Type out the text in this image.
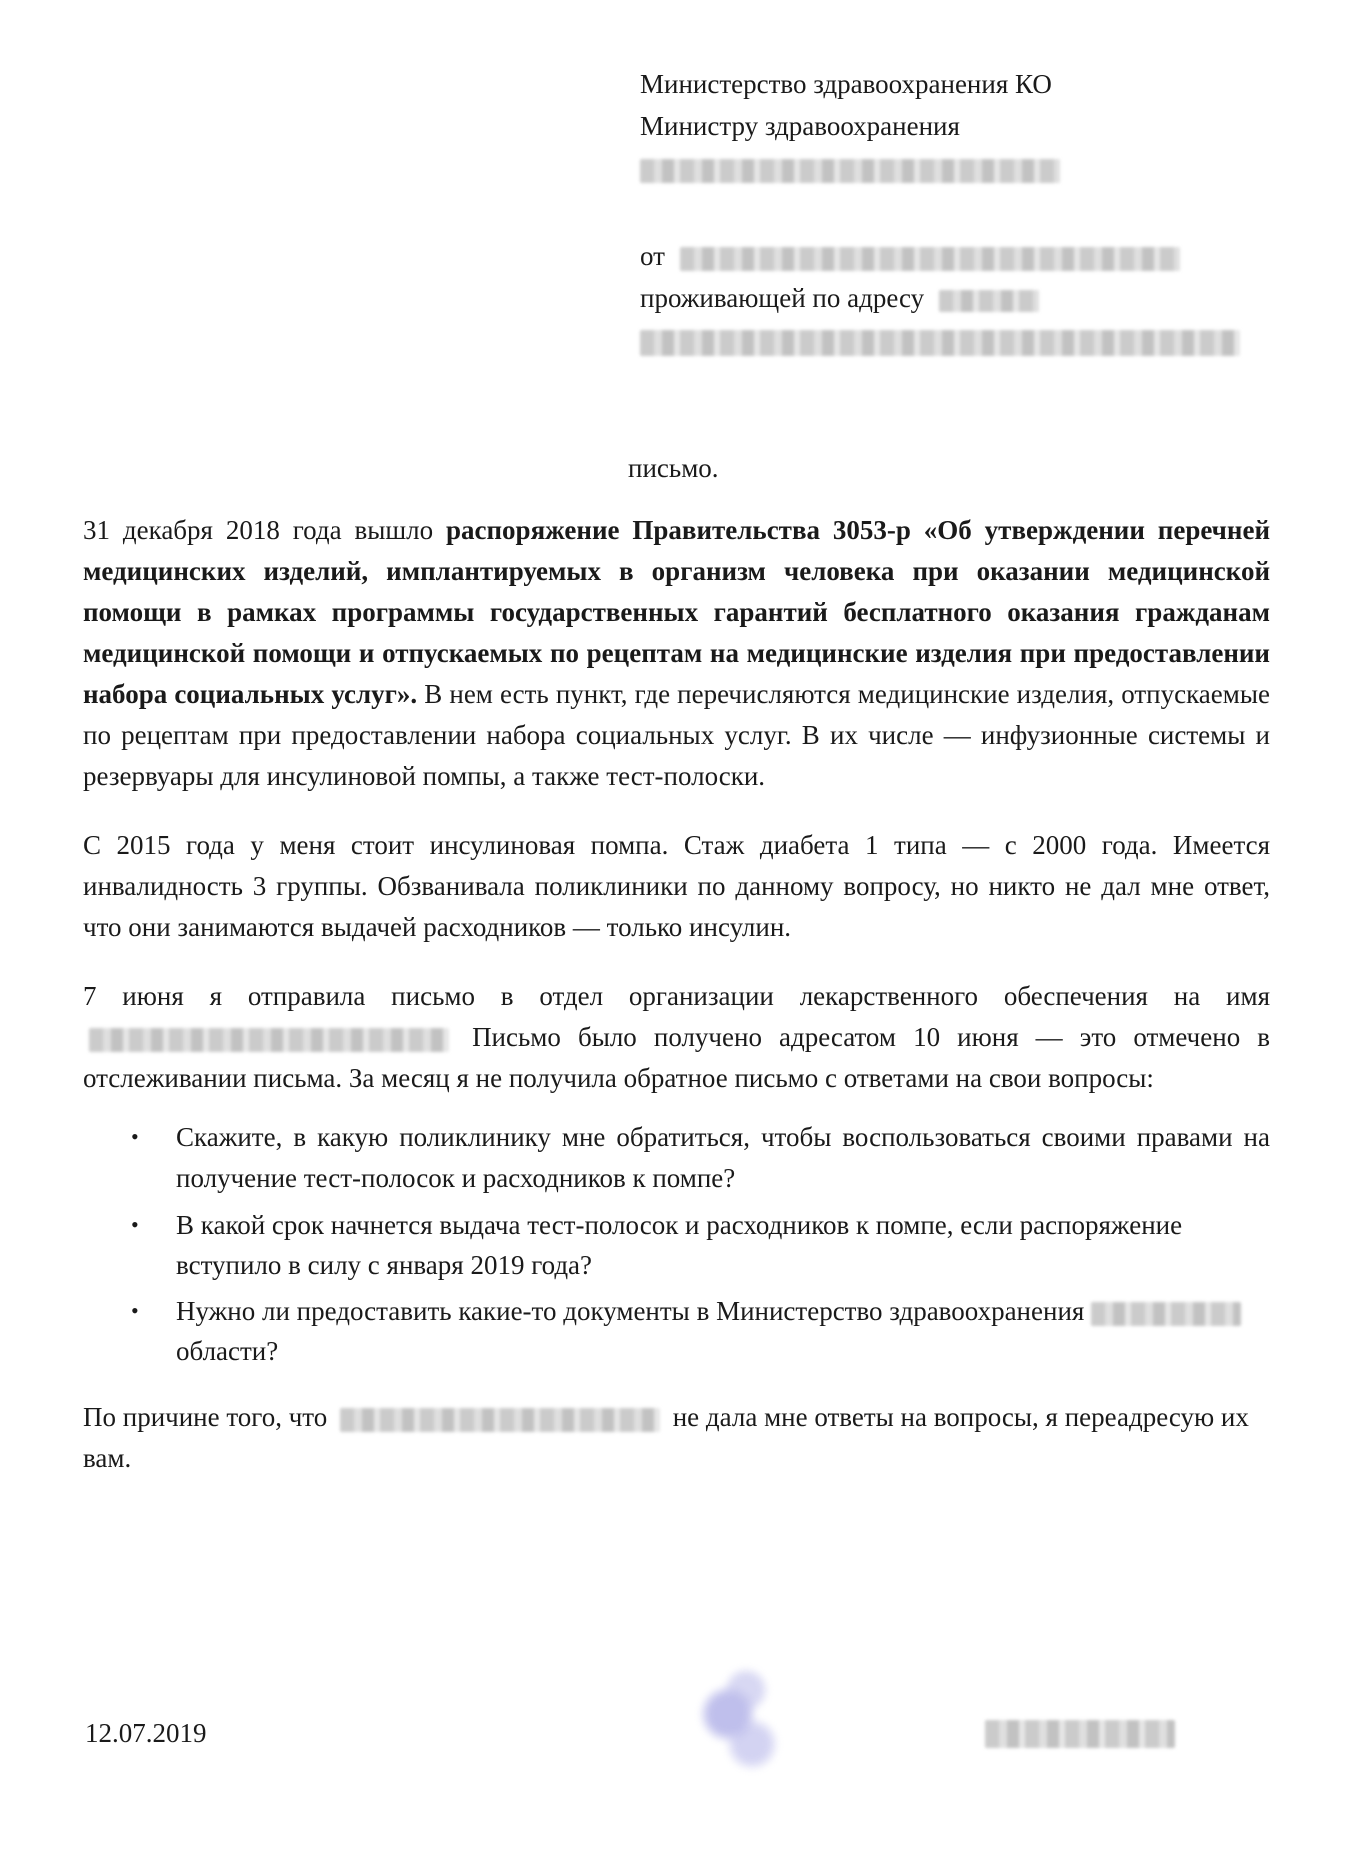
Министерство здравоохранения КО
Министру здравоохранения
от
проживающей по адресу
письмо.

31 декабря 2018 года вышло распоряжение Правительства 3053-р «Об утверждении перечней медицинских изделий, имплантируемых в организм человека при оказании медицинской помощи в рамках программы государственных гарантий бесплатного оказания гражданам медицинской помощи и отпускаемых по рецептам на медицинские изделия при предоставлении набора социальных услуг». В нем есть пункт, где перечисляются медицинские изделия, отпускаемые по рецептам при предоставлении набора социальных услуг. В их числе — инфузионные системы и резервуары для инсулиновой помпы, а также тест-полоски.

С 2015 года у меня стоит инсулиновая помпа. Стаж диабета 1 типа — с 2000 года. Имеется инвалидность 3 группы. Обзванивала поликлиники по данному вопросу, но никто не дал мне ответ, что они занимаются выдачей расходников — только инсулин.

7 июня я отправила письмо в отдел организации лекарственного обеспечения на имя  Письмо было получено адресатом 10 июня — это отмечено в отслеживании письма. За месяц я не получила обратное письмо с ответами на свои вопросы:

• Скажите, в какую поликлинику мне обратиться, чтобы воспользоваться своими правами на получение тест-полосок и расходников к помпе?
• В какой срок начнется выдача тест-полосок и расходников к помпе, если распоряжение вступило в силу с января 2019 года?
• Нужно ли предоставить какие-то документы в Министерство здравоохранения области?

По причине того, что	не дала мне ответы на вопросы, я переадресую их вам.

12.07.2019
